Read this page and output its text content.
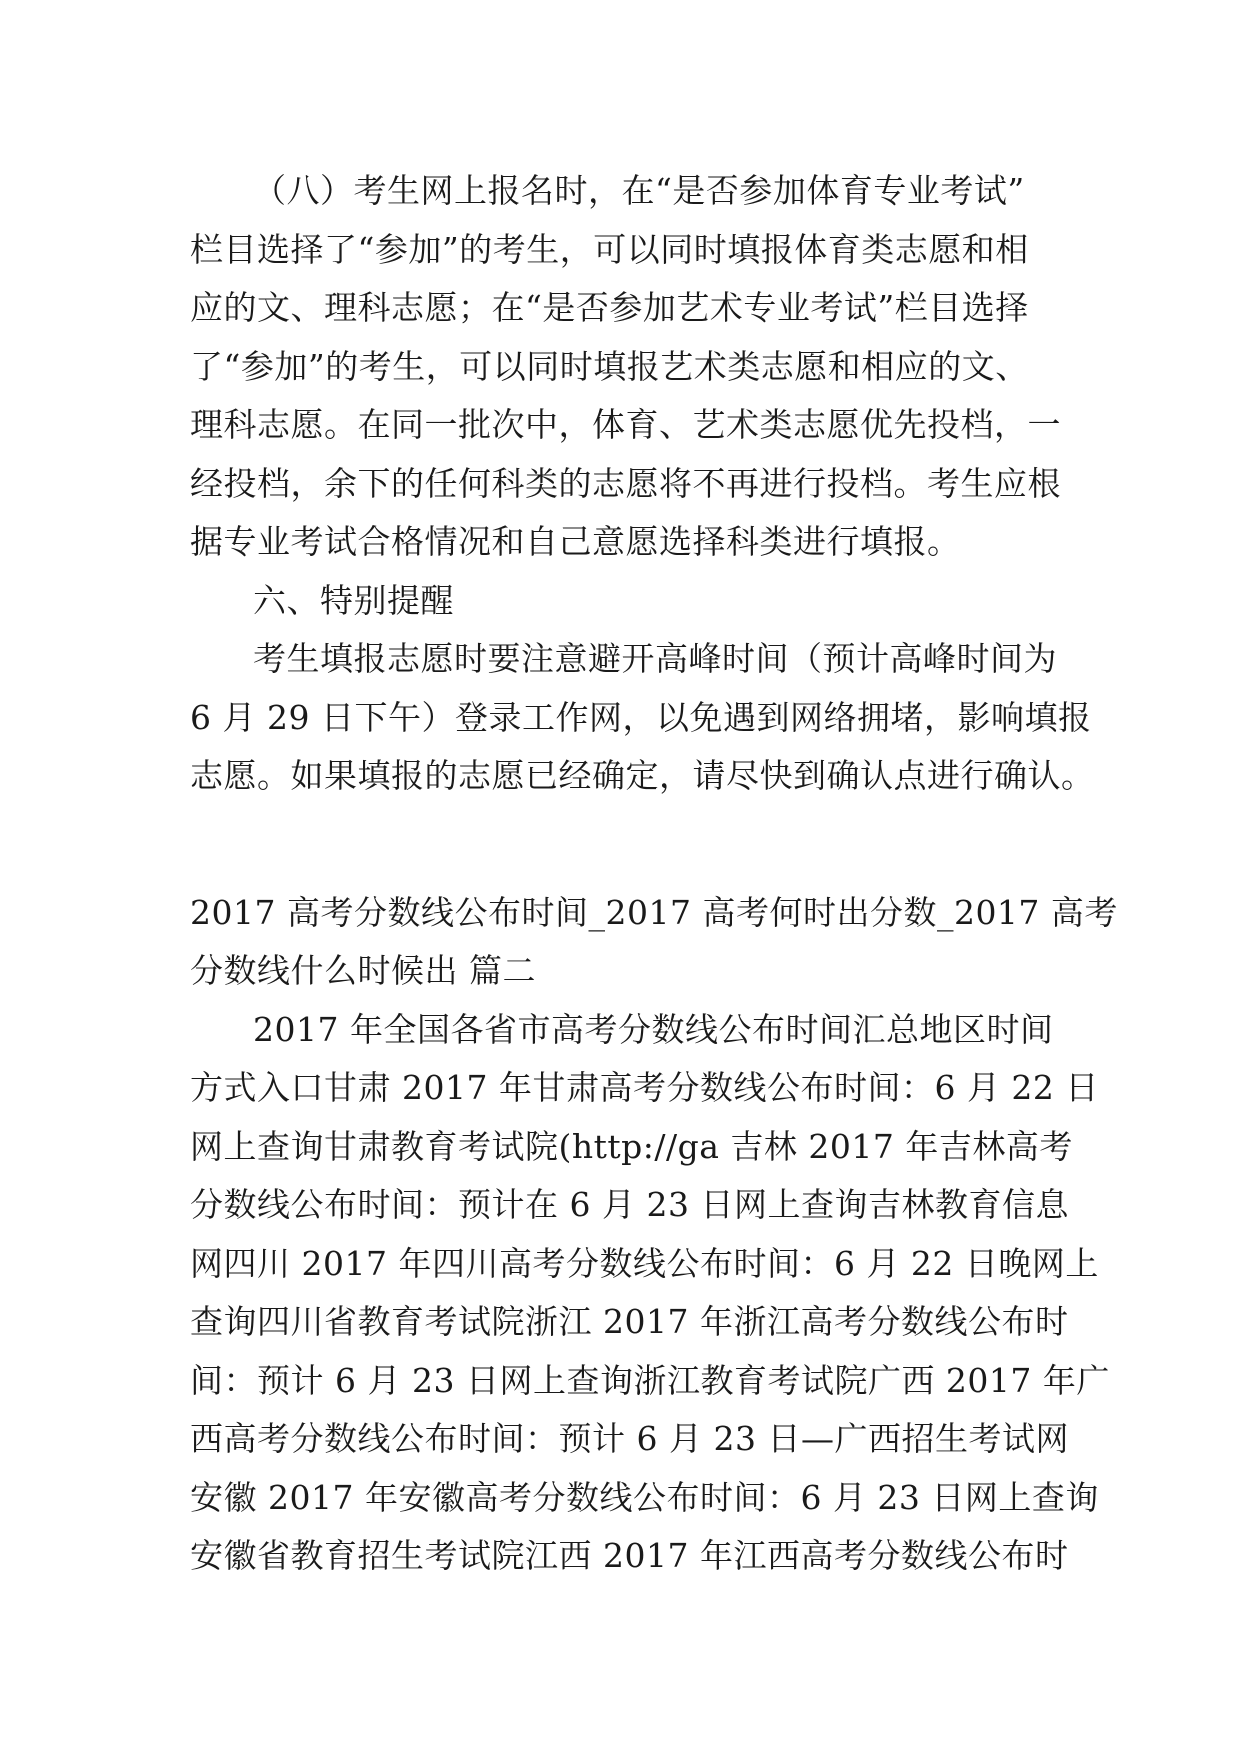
（八）考生网上报名时，在“是否参加体育专业考试”
栏目选择了“参加”的考生，可以同时填报体育类志愿和相
应的文、理科志愿；在“是否参加艺术专业考试”栏目选择
了“参加”的考生，可以同时填报艺术类志愿和相应的文、
理科志愿。在同一批次中，体育、艺术类志愿优先投档，一
经投档，余下的任何科类的志愿将不再进行投档。考生应根
据专业考试合格情况和自己意愿选择科类进行填报。
六、特别提醒
考生填报志愿时要注意避开高峰时间（预计高峰时间为
6 月 29 日下午）登录工作网，以免遇到网络拥堵，影响填报
志愿。如果填报的志愿已经确定，请尽快到确认点进行确认。
2017 高考分数线公布时间_2017 高考何时出分数_2017 高考
分数线什么时候出 篇二
2017 年全国各省市高考分数线公布时间汇总地区时间
方式入口甘肃 2017 年甘肃高考分数线公布时间：6 月 22 日
网上查询甘肃教育考试院(http://ga 吉林 2017 年吉林高考
分数线公布时间：预计在 6 月 23 日网上查询吉林教育信息
网四川 2017 年四川高考分数线公布时间：6 月 22 日晚网上
查询四川省教育考试院浙江 2017 年浙江高考分数线公布时
间：预计 6 月 23 日网上查询浙江教育考试院广西 2017 年广
西高考分数线公布时间：预计 6 月 23 日—广西招生考试网
安徽 2017 年安徽高考分数线公布时间：6 月 23 日网上查询
安徽省教育招生考试院江西 2017 年江西高考分数线公布时
